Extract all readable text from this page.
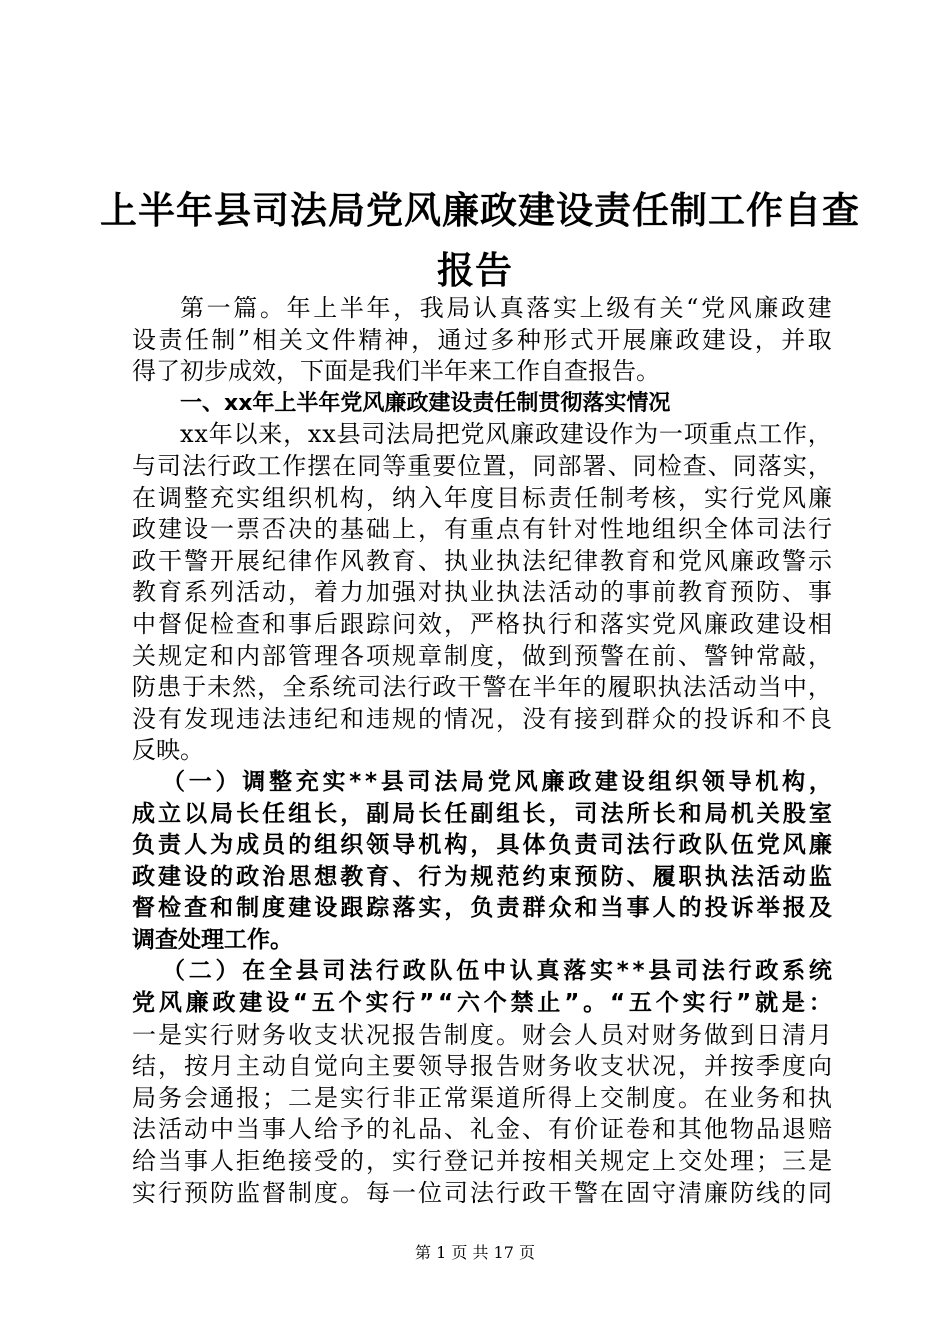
上半年县司法局党风廉政建设责任制工作自查
报告
第 一 篇 。 年 上 半 年 ， 我 局 认 真 落 实 上 级 有 关 “ 党 风 廉 政 建
设 责 任 制 ” 相 关 文 件 精 神 ， 通 过 多 种 形 式 开 展 廉 政 建 设 ， 并 取
得了初步成效，下面是我们半年来工作自查报告。
一、xx年上半年党风廉政建设责任制贯彻落实情况
x x 年 以 来 ， x x 县 司 法 局 把 党 风 廉 政 建 设 作 为 一 项 重 点 工 作 ，
与 司 法 行 政 工 作 摆 在 同 等 重 要 位 置 ， 同 部 署 、 同 检 查 、 同 落 实 ，
在 调 整 充 实 组 织 机 构 ， 纳 入 年 度 目 标 责 任 制 考 核 ， 实 行 党 风 廉
政 建 设 一 票 否 决 的 基 础 上 ， 有 重 点 有 针 对 性 地 组 织 全 体 司 法 行
政 干 警 开 展 纪 律 作 风 教 育 、 执 业 执 法 纪 律 教 育 和 党 风 廉 政 警 示
教 育 系 列 活 动 ， 着 力 加 强 对 执 业 执 法 活 动 的 事 前 教 育 预 防 、 事
中 督 促 检 查 和 事 后 跟 踪 问 效 ， 严 格 执 行 和 落 实 党 风 廉 政 建 设 相
关 规 定 和 内 部 管 理 各 项 规 章 制 度 ， 做 到 预 警 在 前 、 警 钟 常 敲 ，
防 患 于 未 然 ， 全 系 统 司 法 行 政 干 警 在 半 年 的 履 职 执 法 活 动 当 中 ，
没 有 发 现 违 法 违 纪 和 违 规 的 情 况 ， 没 有 接 到 群 众 的 投 诉 和 不 良
反映。
（ 一 ） 调 整 充 实 * * 县 司 法 局 党 风 廉 政 建 设 组 织 领 导 机 构 ，
成 立 以 局 长 任 组 长 ， 副 局 长 任 副 组 长 ， 司 法 所 长 和 局 机 关 股 室
负 责 人 为 成 员 的 组 织 领 导 机 构 ， 具 体 负 责 司 法 行 政 队 伍 党 风 廉
政 建 设 的 政 治 思 想 教 育 、 行 为 规 范 约 束 预 防 、 履 职 执 法 活 动 监
督 检 查 和 制 度 建 设 跟 踪 落 实 ， 负 责 群 众 和 当 事 人 的 投 诉 举 报 及
调查处理工作。
（ 二 ） 在 全 县 司 法 行 政 队 伍 中 认 真 落 实 * * 县 司 法 行 政 系 统
党 风 廉 政 建 设 “ 五 个 实 行 ” “ 六 个 禁 止 ” 。 “ 五 个 实 行 ” 就 是 ：
一 是 实 行 财 务 收 支 状 况 报 告 制 度 。 财 会 人 员 对 财 务 做 到 日 清 月
结 ， 按 月 主 动 自 觉 向 主 要 领 导 报 告 财 务 收 支 状 况 ， 并 按 季 度 向
局 务 会 通 报 ； 二 是 实 行 非 正 常 渠 道 所 得 上 交 制 度 。 在 业 务 和 执
法 活 动 中 当 事 人 给 予 的 礼 品 、 礼 金 、 有 价 证 卷 和 其 他 物 品 退 赔
给 当 事 人 拒 绝 接 受 的 ， 实 行 登 记 并 按 相 关 规 定 上 交 处 理 ； 三 是
实 行 预 防 监 督 制 度 。 每 一 位 司 法 行 政 干 警 在 固 守 清 廉 防 线 的 同
第 1 页 共 17 页
